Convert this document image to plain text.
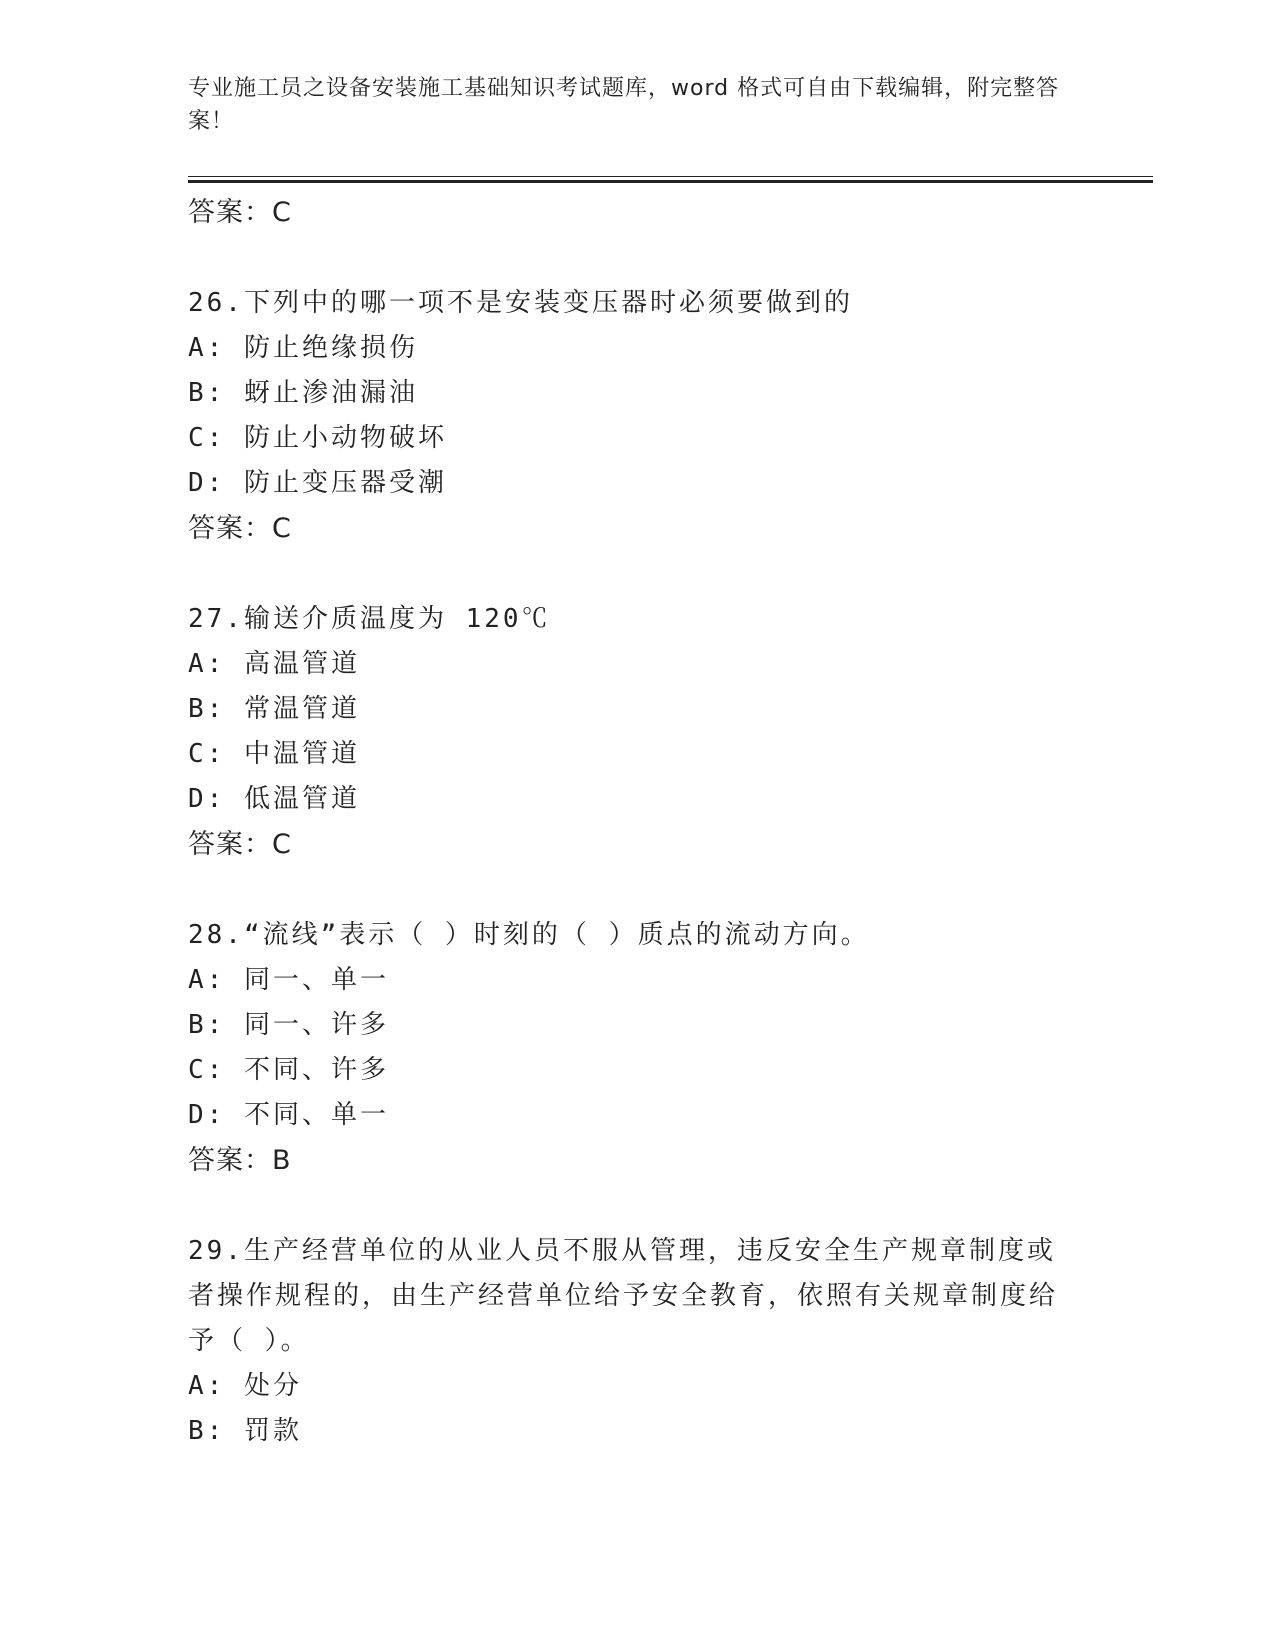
专业施工员之设备安装施工基础知识考试题库，word 格式可自由下载编辑，附完整答案！
答案：C
26.下列中的哪一项不是安装变压器时必须要做到的
A: 防止绝缘损伤
B: 蚜止渗油漏油
C: 防止小动物破坏
D: 防止变压器受潮
答案：C
27.输送介质温度为 120℃
A: 高温管道
B: 常温管道
C: 中温管道
D: 低温管道
答案：C
28.“流线”表示（ ）时刻的（ ）质点的流动方向。
A: 同一、单一
B: 同一、许多
C: 不同、许多
D: 不同、单一
答案：B
29.生产经营单位的从业人员不服从管理，违反安全生产规章制度或者操作规程的，由生产经营单位给予安全教育，依照有关规章制度给予（ ）。
A: 处分
B: 罚款
